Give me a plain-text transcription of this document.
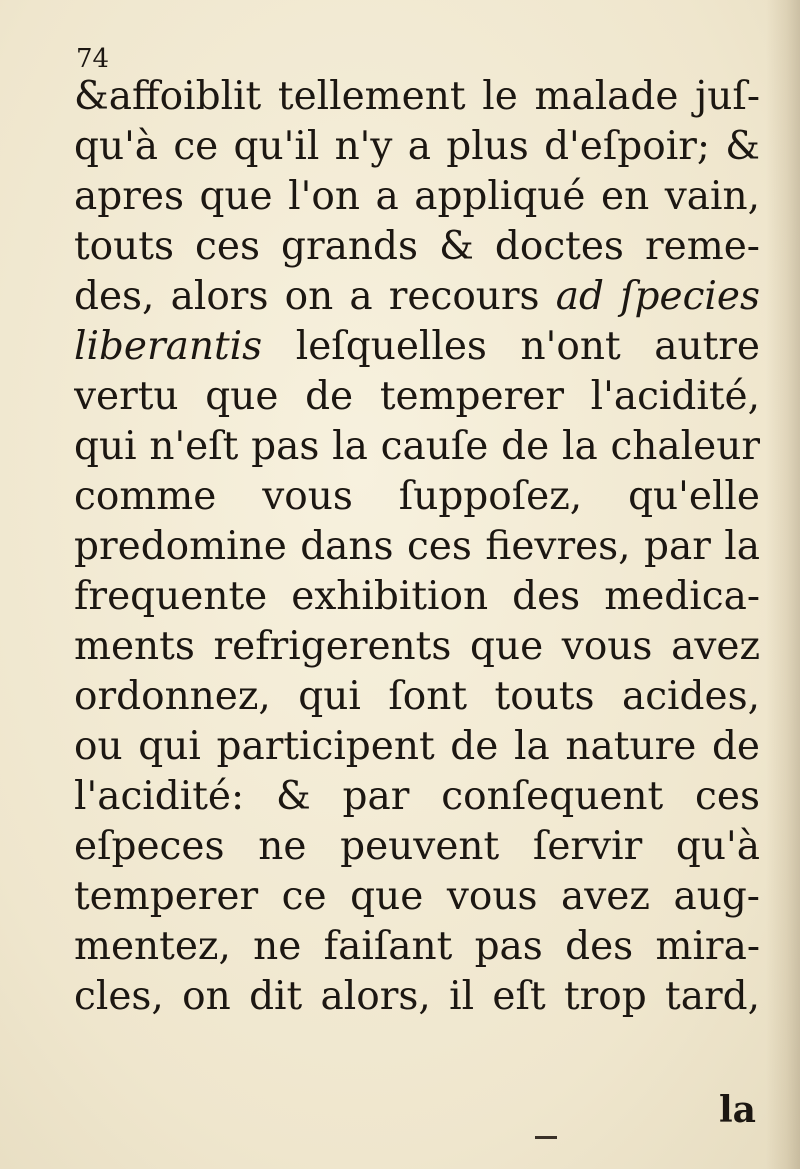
74
&affoiblit tellement le malade juſ-
qu'à ce qu'il n'y a plus d'eſpoir; &
apres que l'on a appliqué en vain,
touts ces grands & doctes reme-
des, alors on a recours ad ſpecies
liberantis leſquelles n'ont autre
vertu que de temperer l'acidité,
qui n'eſt pas la cauſe de la chaleur
comme vous ſuppoſez, qu'elle
predomine dans ces fievres, par la
frequente exhibition des medica-
ments refrigerents que vous avez
ordonnez, qui ſont touts acides,
ou qui participent de la nature de
l'acidité: & par conſequent ces
eſpeces ne peuvent ſervir qu'à
temperer ce que vous avez aug-
mentez, ne faiſant pas des mira-
cles, on dit alors, il eſt trop tard,
la
